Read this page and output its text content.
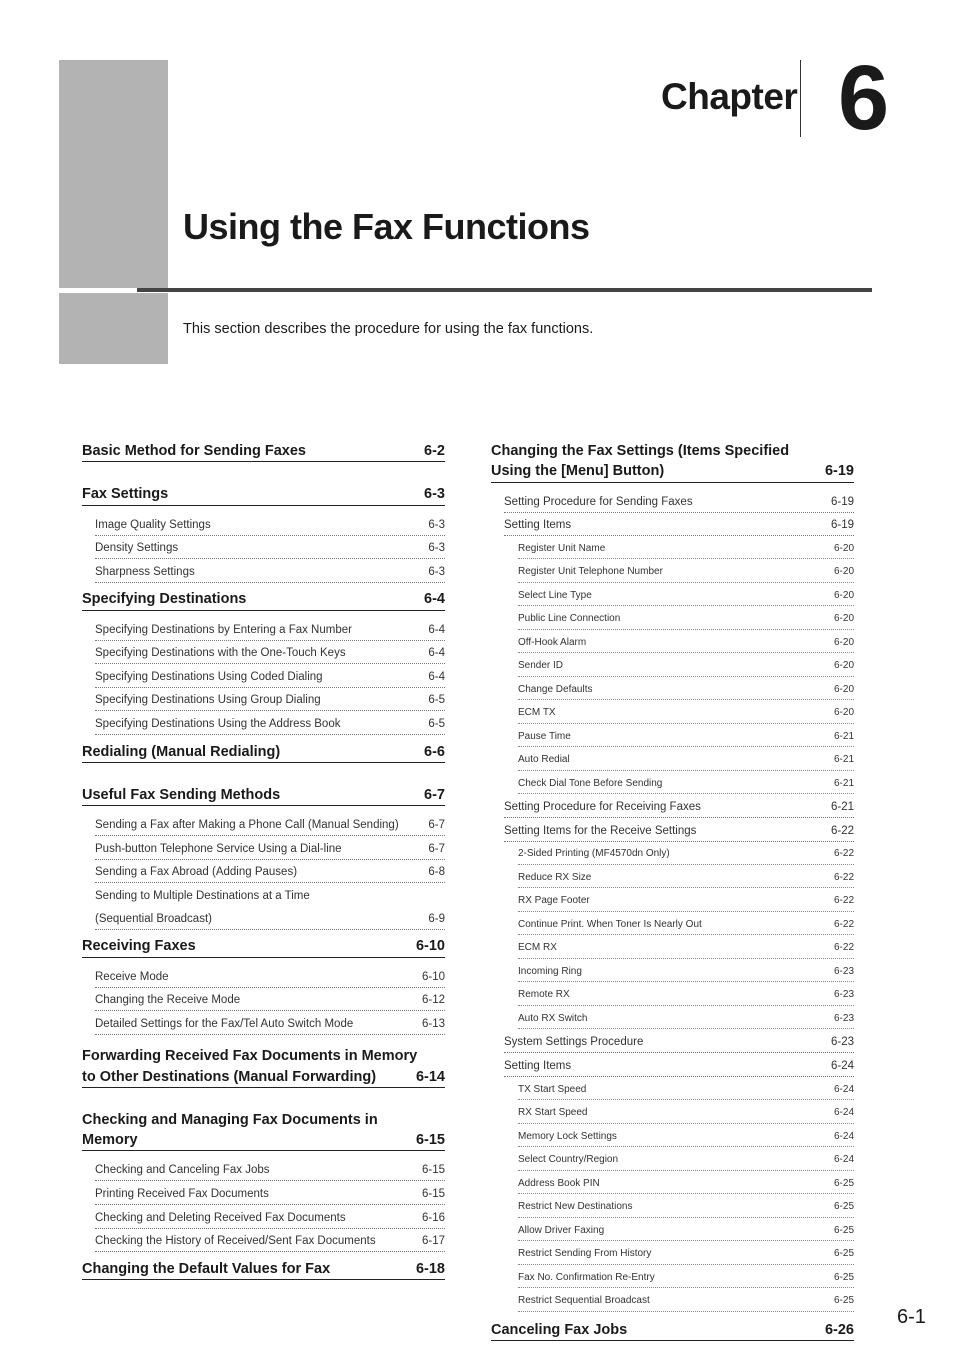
Chapter 6
Using the Fax Functions
This section describes the procedure for using the fax functions.
Basic Method for Sending Faxes	6-2
Fax Settings	6-3
Image Quality Settings	6-3
Density Settings	6-3
Sharpness Settings	6-3
Specifying Destinations	6-4
Specifying Destinations by Entering a Fax Number	6-4
Specifying Destinations with the One-Touch Keys	6-4
Specifying Destinations Using Coded Dialing	6-4
Specifying Destinations Using Group Dialing	6-5
Specifying Destinations Using the Address Book	6-5
Redialing (Manual Redialing)	6-6
Useful Fax Sending Methods	6-7
Sending a Fax after Making a Phone Call (Manual Sending)	6-7
Push-button Telephone Service Using a Dial-line	6-7
Sending a Fax Abroad (Adding Pauses)	6-8
Sending to Multiple Destinations at a Time
(Sequential Broadcast)	6-9
Receiving Faxes	6-10
Receive Mode	6-10
Changing the Receive Mode	6-12
Detailed Settings for the Fax/Tel Auto Switch Mode	6-13
Forwarding Received Fax Documents in Memory
to Other Destinations (Manual Forwarding)	6-14
Checking and Managing Fax Documents in
Memory	6-15
Checking and Canceling Fax Jobs	6-15
Printing Received Fax Documents	6-15
Checking and Deleting Received Fax Documents	6-16
Checking the History of Received/Sent Fax Documents	6-17
Changing the Default Values for Fax	6-18
Changing the Fax Settings (Items Specified
Using the [Menu] Button)	6-19
Setting Procedure for Sending Faxes	6-19
Setting Items	6-19
Register Unit Name	6-20
Register Unit Telephone Number	6-20
Select Line Type	6-20
Public Line Connection	6-20
Off-Hook Alarm	6-20
Sender ID	6-20
Change Defaults	6-20
ECM TX	6-20
Pause Time	6-21
Auto Redial	6-21
Check Dial Tone Before Sending	6-21
Setting Procedure for Receiving Faxes	6-21
Setting Items for the Receive Settings	6-22
2-Sided Printing (MF4570dn Only)	6-22
Reduce RX Size	6-22
RX Page Footer	6-22
Continue Print. When Toner Is Nearly Out	6-22
ECM RX	6-22
Incoming Ring	6-23
Remote RX	6-23
Auto RX Switch	6-23
System Settings Procedure	6-23
Setting Items	6-24
TX Start Speed	6-24
RX Start Speed	6-24
Memory Lock Settings	6-24
Select Country/Region	6-24
Address Book PIN	6-25
Restrict New Destinations	6-25
Allow Driver Faxing	6-25
Restrict Sending From History	6-25
Fax No. Confirmation Re-Entry	6-25
Restrict Sequential Broadcast	6-25
Canceling Fax Jobs	6-26
6-1
